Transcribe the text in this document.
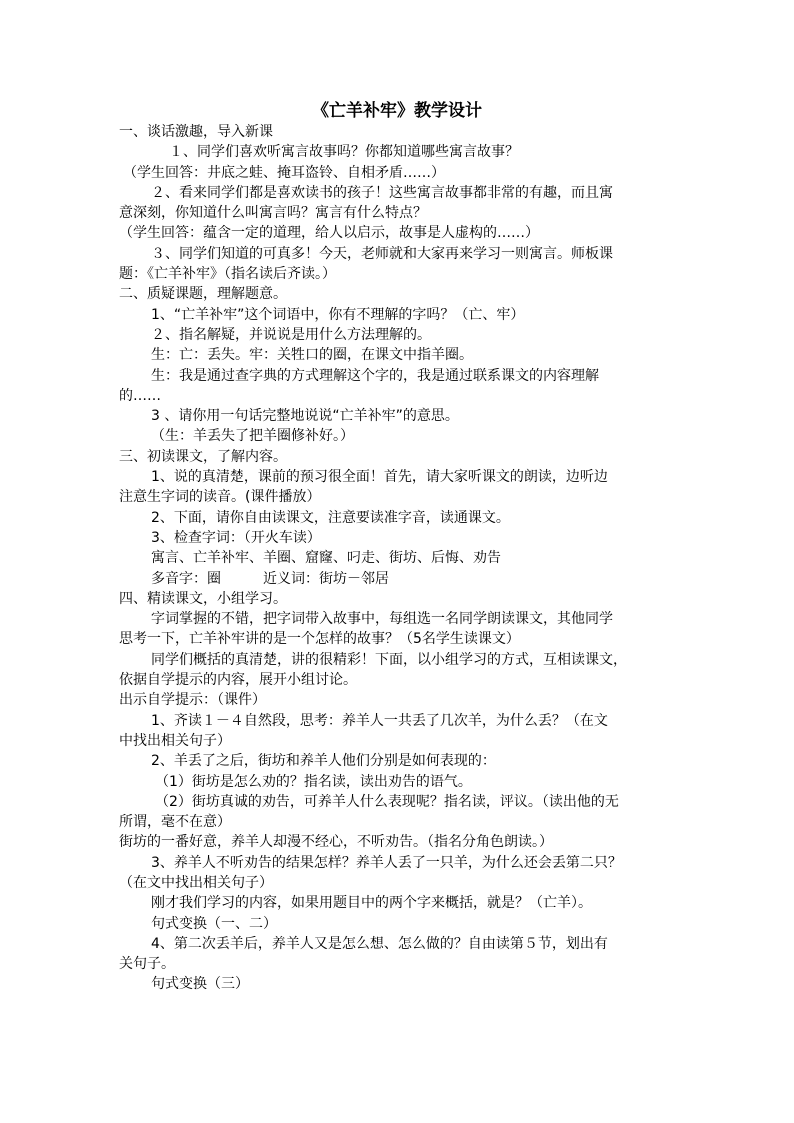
《亡羊补牢》教学设计
一、谈话激趣，导入新课
１、同学们喜欢听寓言故事吗？你都知道哪些寓言故事？
（学生回答：井底之蛙、掩耳盗铃、自相矛盾……）
２、看来同学们都是喜欢读书的孩子！这些寓言故事都非常的有趣，而且寓
意深刻，你知道什么叫寓言吗？寓言有什么特点？
（学生回答：蕴含一定的道理，给人以启示，故事是人虚构的……）
３、同学们知道的可真多！今天，老师就和大家再来学习一则寓言。师板课
题：《亡羊补牢》（指名读后齐读。）
二、质疑课题，理解题意。
1、“亡羊补牢”这个词语中，你有不理解的字吗？（亡、牢）
２、指名解疑，并说说是用什么方法理解的。
生：亡：丢失。牢：关牲口的圈，在课文中指羊圈。
生：我是通过查字典的方式理解这个字的，我是通过联系课文的内容理解
的……
3 、请你用一句话完整地说说“亡羊补牢”的意思。
（生：羊丢失了把羊圈修补好。）
三、初读课文，了解内容。
1、说的真清楚，课前的预习很全面！首先，请大家听课文的朗读，边听边
注意生字词的读音。(课件播放）
2、下面，请你自由读课文，注意要读准字音，读通课文。
3、检查字词：（开火车读）
寓言、亡羊补牢、羊圈、窟窿、叼走、街坊、后悔、劝告
多音字：圈　　　近义词：街坊－邻居
四、精读课文，小组学习。
字词掌握的不错，把字词带入故事中，每组选一名同学朗读课文，其他同学
思考一下，亡羊补牢讲的是一个怎样的故事？（5名学生读课文）
同学们概括的真清楚，讲的很精彩！下面，以小组学习的方式，互相读课文，
依据自学提示的内容，展开小组讨论。
出示自学提示：（课件）
1、齐读１－４自然段，思考：养羊人一共丢了几次羊，为什么丢？（在文
中找出相关句子）
2、羊丢了之后，街坊和养羊人他们分别是如何表现的：
（1）街坊是怎么劝的？指名读，读出劝告的语气。
（2）街坊真诚的劝告，可养羊人什么表现呢？指名读，评议。（读出他的无
所谓，毫不在意）
街坊的一番好意，养羊人却漫不经心，不听劝告。（指名分角色朗读。）
3、养羊人不听劝告的结果怎样？养羊人丢了一只羊，为什么还会丢第二只？
（在文中找出相关句子）
刚才我们学习的内容，如果用题目中的两个字来概括，就是？（亡羊）。
句式变换（一、二）
4、第二次丢羊后，养羊人又是怎么想、怎么做的？自由读第５节，划出有
关句子。
句式变换（三）
